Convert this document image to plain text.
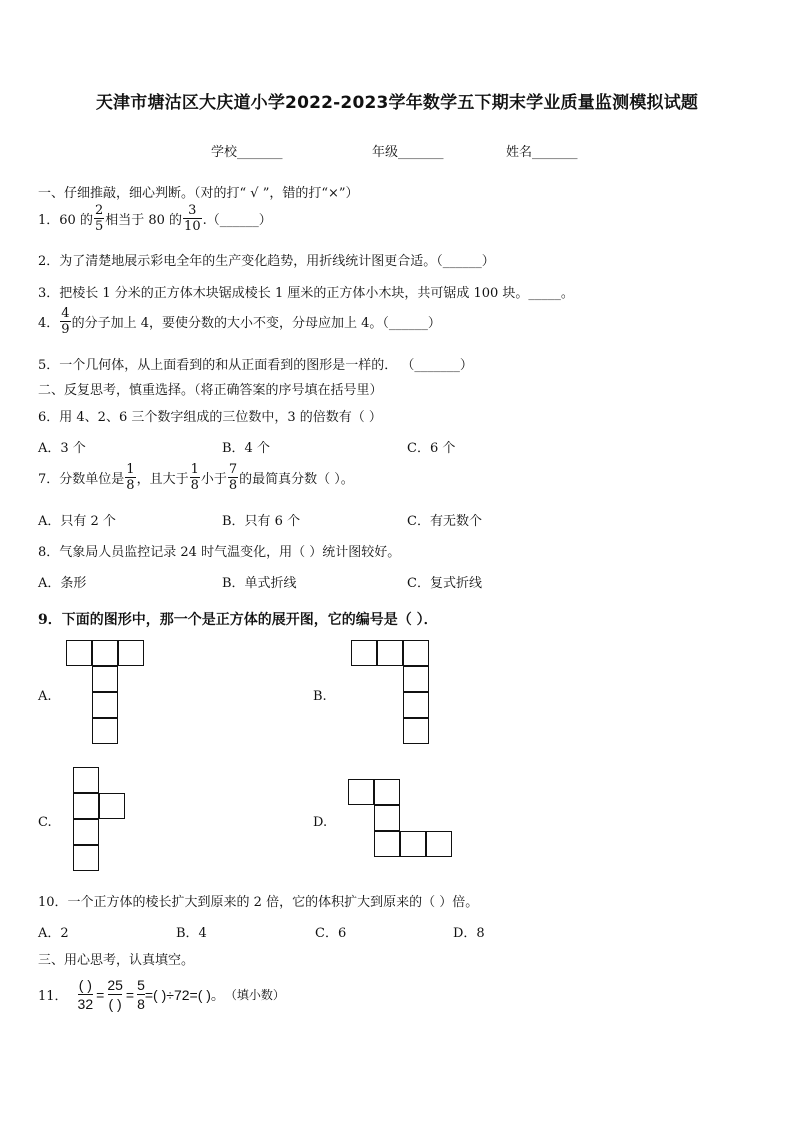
天津市塘沽区大庆道小学2022-2023学年数学五下期末学业质量监测模拟试题
学校_______	年级_______	姓名_______
一、仔细推敲，细心判断。（对的打“ √ ”，错的打“×”）
1．60 的 $\frac{2}{5}$ 相当于 80 的 $\frac{3}{10}$ .（______）
2．为了清楚地展示彩电全年的生产变化趋势，用折线统计图更合适。（______）
3．把棱长 1 分米的正方体木块锯成棱长 1 厘米的正方体小木块，共可锯成 100 块。_____。
4． $\frac{4}{9}$ 的分子加上 4，要使分数的大小不变，分母应加上 4。（______）
5．一个几何体，从上面看到的和从正面看到的图形是一样的． （_______）
二、反复思考，慎重选择。（将正确答案的序号填在括号里）
6．用 4、2、6 三个数字组成的三位数中，3 的倍数有（ ）
A．3 个	B．4 个	C．6 个
7．分数单位是 $\frac{1}{8}$ ，且大于 $\frac{1}{8}$ 小于 $\frac{7}{8}$ 的最简真分数（ ）。
A．只有 2 个	B．只有 6 个	C．有无数个
8．气象局人员监控记录 24 时气温变化，用（ ）统计图较好。
A．条形	B．单式折线	C．复式折线
9．下面的图形中，那一个是正方体的展开图，它的编号是（ ）．
A.	B.
C.	D.
10．一个正方体的棱长扩大到原来的 2 倍，它的体积扩大到原来的（ ）倍。
A．2	B．4	C．6	D．8
三、用心思考，认真填空。
11．
( )
32
=
25
( )
= $\frac{5}{8}$ =( )÷72=( )。 （填小数）
